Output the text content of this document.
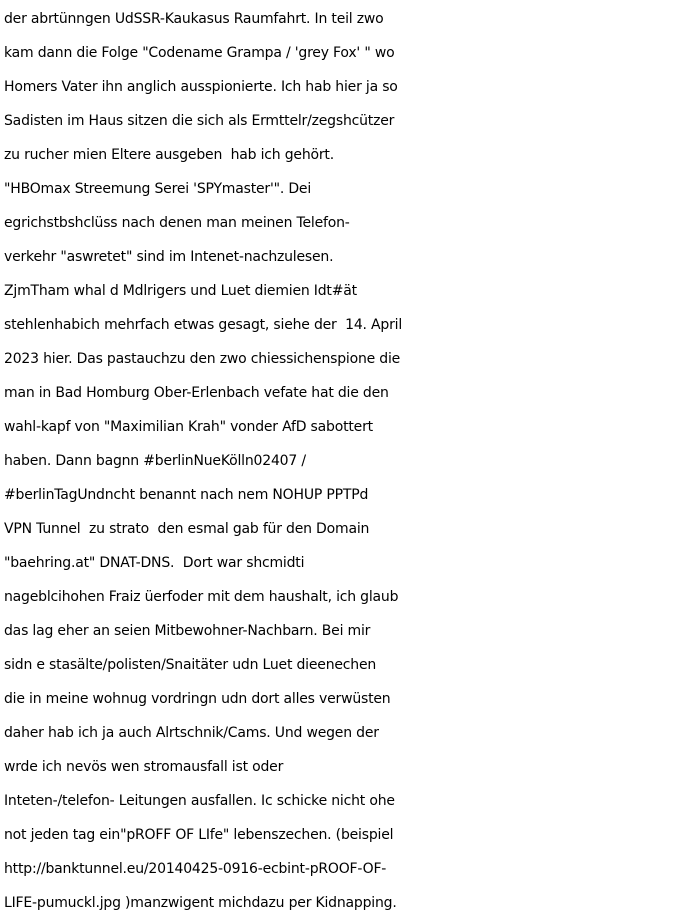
der abrtünngen UdSSR-Kaukasus Raumfahrt. In teil zwo
kam dann die Folge "Codename Grampa / 'grey Fox' " wo
Homers Vater ihn anglich ausspionierte. Ich hab hier ja so
Sadisten im Haus sitzen die sich als Ermttelr/zegshcützer
zu rucher mien Eltere ausgeben  hab ich gehört.
"HBOmax Streemung Serei 'SPYmaster'". Dei
egrichstbshclüss nach denen man meinen Telefon-
verkehr "aswretet" sind im Intenet-nachzulesen.
ZjmTham whal d Mdlrigers und Luet diemien Idt#ät
stehlenhabich mehrfach etwas gesagt, siehe der  14. April
2023 hier. Das pastauchzu den zwo chiessichenspione die
man in Bad Homburg Ober-Erlenbach vefate hat die den
wahl-kapf von "Maximilian Krah" vonder AfD sabottert
haben. Dann bagnn #berlinNueKölln02407 /
#berlinTagUndncht benannt nach nem NOHUP PPTPd
VPN Tunnel  zu strato  den esmal gab für den Domain
"baehring.at" DNAT-DNS.  Dort war shcmidti
nageblcihohen Fraiz üerfoder mit dem haushalt, ich glaub
das lag eher an seien Mitbewohner-Nachbarn. Bei mir
sidn e stasälte/polisten/Snaitäter udn Luet dieenechen
die in meine wohnug vordringn udn dort alles verwüsten
daher hab ich ja auch Alrtschnik/Cams. Und wegen der
wrde ich nevös wen stromausfall ist oder
Inteten-/telefon- Leitungen ausfallen. Ic schicke nicht ohe
not jeden tag ein"pROFF OF LIfe" lebenszechen. (beispiel
http://banktunnel.eu/20140425-0916-ecbint-pROOF-OF-
LIFE-pumuckl.jpg )manzwigent michdazu per Kidnapping.
